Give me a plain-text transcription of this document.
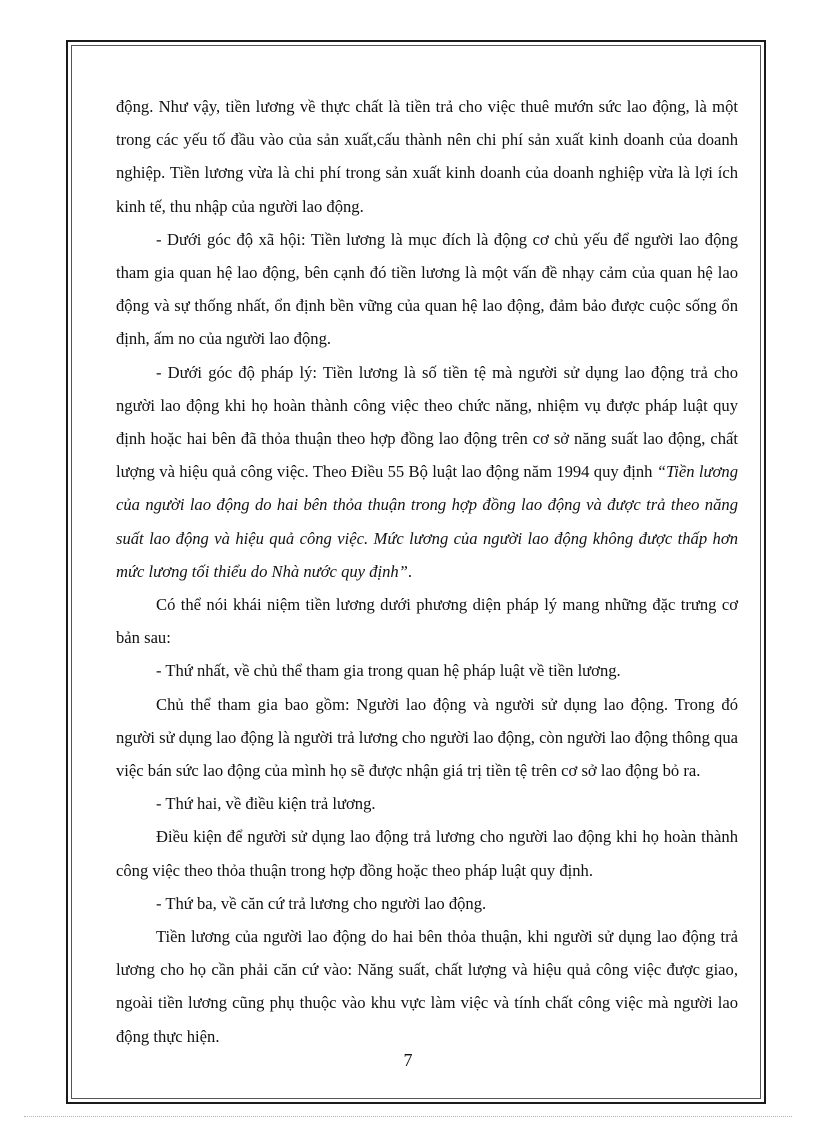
động. Như vậy, tiền lương về thực chất là tiền trả cho việc thuê mướn sức lao động, là một trong các yếu tố đầu vào của sản xuất,cấu thành nên chi phí sản xuất kinh doanh của doanh nghiệp. Tiền lương vừa là chi phí trong sản xuất kinh doanh của doanh nghiệp vừa là lợi ích kinh tế, thu nhập của người lao động.

- Dưới góc độ xã hội: Tiền lương là mục đích là động cơ chủ yếu để người lao động tham gia quan hệ lao động, bên cạnh đó tiền lương là một vấn đề nhạy cảm của quan hệ lao động và sự thống nhất, ổn định bền vững của quan hệ lao động, đảm bảo được cuộc sống ổn định, ấm no của người lao động.

- Dưới góc độ pháp lý: Tiền lương là số tiền tệ mà người sử dụng lao động trả cho người lao động khi họ hoàn thành công việc theo chức năng, nhiệm vụ được pháp luật quy định hoặc hai bên đã thỏa thuận theo hợp đồng lao động trên cơ sở năng suất lao động, chất lượng và hiệu quả công việc. Theo Điều 55 Bộ luật lao động năm 1994 quy định “Tiền lương của người lao động do hai bên thỏa thuận trong hợp đồng lao động và được trả theo năng suất lao động và hiệu quả công việc. Mức lương của người lao động không được thấp hơn mức lương tối thiểu do Nhà nước quy định”.

Có thể nói khái niệm tiền lương dưới phương diện pháp lý mang những đặc trưng cơ bản sau:

- Thứ nhất, về chủ thể tham gia trong quan hệ pháp luật về tiền lương.

Chủ thể tham gia bao gồm: Người lao động và người sử dụng lao động. Trong đó người sử dụng lao động là người trả lương cho người lao động, còn người lao động thông qua việc bán sức lao động của mình họ sẽ được nhận giá trị tiền tệ trên cơ sở lao động bỏ ra.

- Thứ hai, về điều kiện trả lương.

Điều kiện để người sử dụng lao động trả lương cho người lao động khi họ hoàn thành công việc theo thỏa thuận trong hợp đồng hoặc theo pháp luật quy định.

- Thứ ba, về căn cứ trả lương cho người lao động.

Tiền lương của người lao động do hai bên thỏa thuận, khi người sử dụng lao động trả lương cho họ cần phải căn cứ vào: Năng suất, chất lượng và hiệu quả công việc được giao, ngoài tiền lương cũng phụ thuộc vào khu vực làm việc và tính chất công việc mà người lao động thực hiện.

7
